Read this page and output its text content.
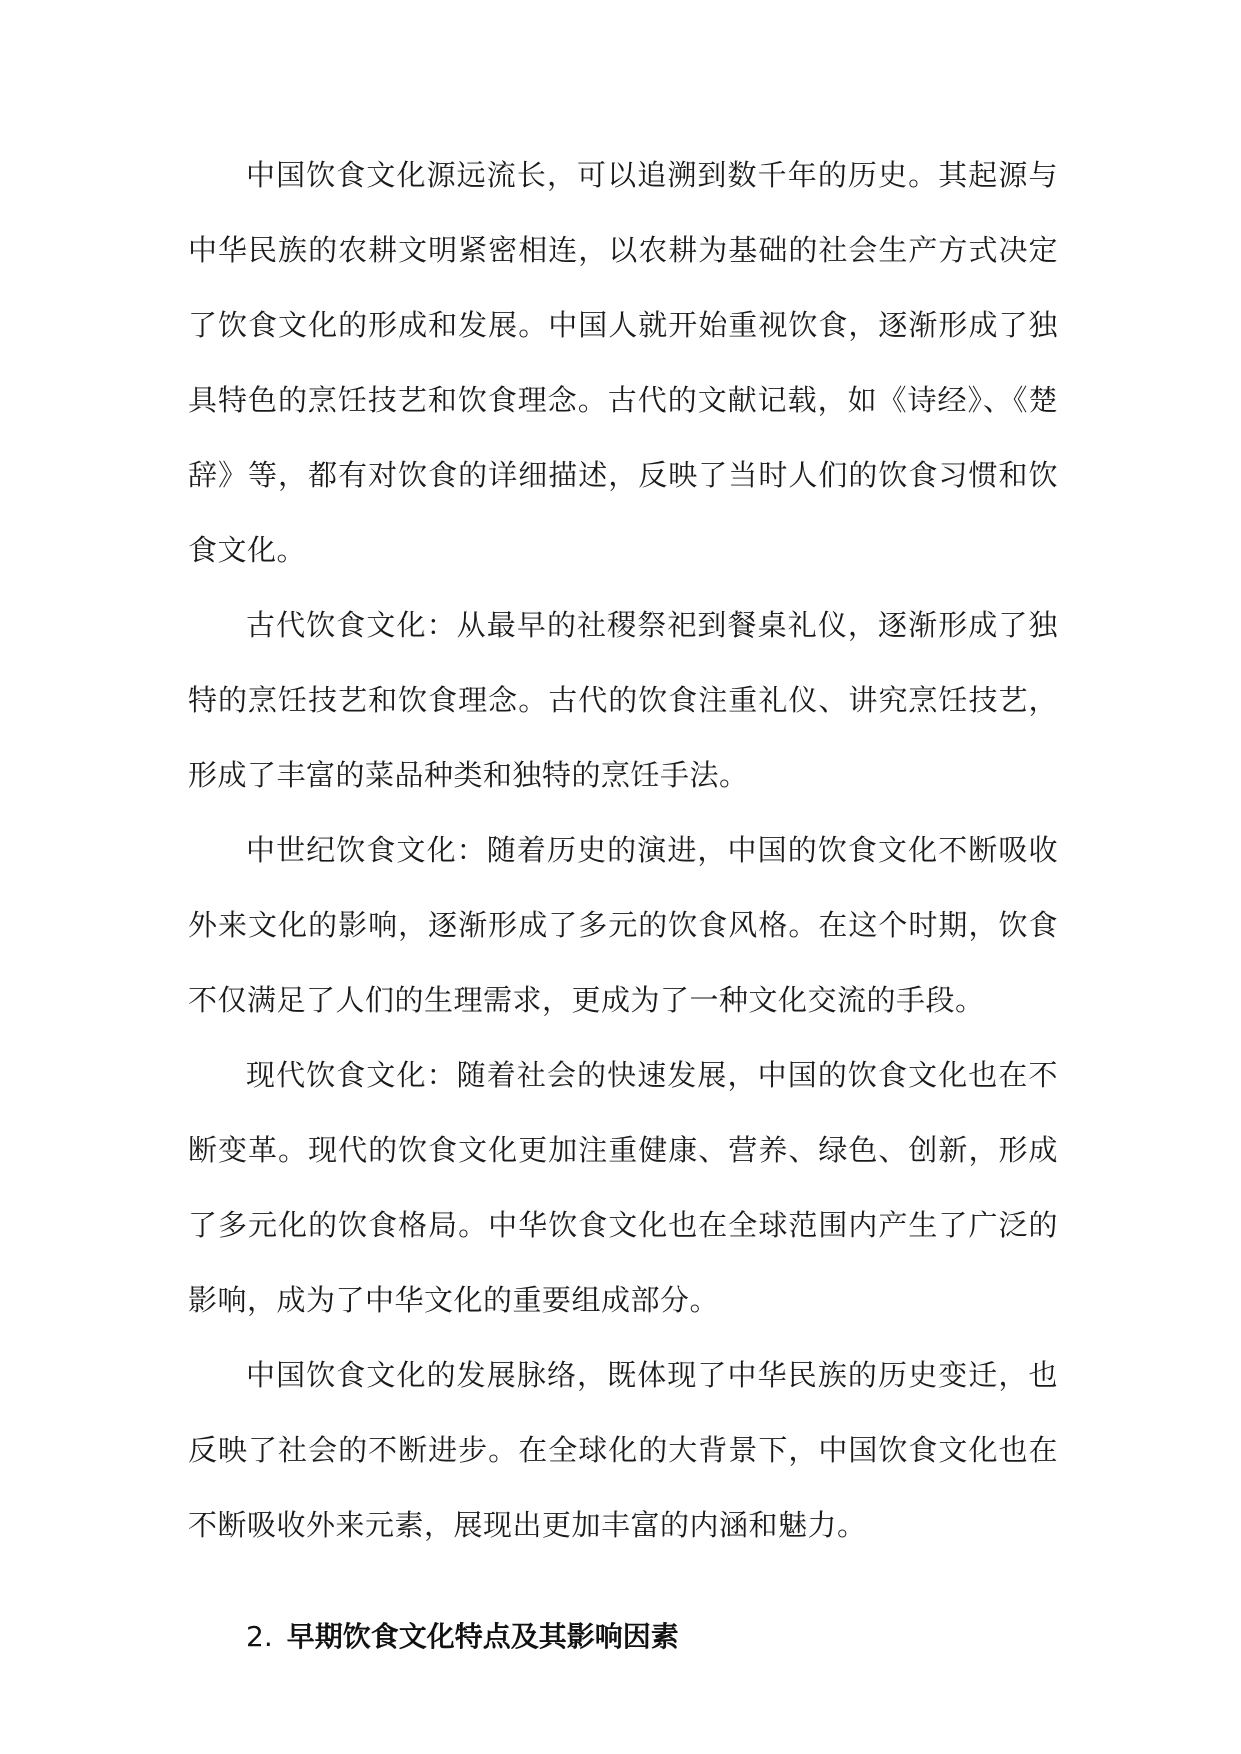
中国饮食文化源远流长，可以追溯到数千年的历史。其起源与中华民族的农耕文明紧密相连，以农耕为基础的社会生产方式决定了饮食文化的形成和发展。中国人就开始重视饮食，逐渐形成了独具特色的烹饪技艺和饮食理念。古代的文献记载，如《诗经》、《楚辞》等，都有对饮食的详细描述，反映了当时人们的饮食习惯和饮食文化。

古代饮食文化：从最早的社稷祭祀到餐桌礼仪，逐渐形成了独特的烹饪技艺和饮食理念。古代的饮食注重礼仪、讲究烹饪技艺，形成了丰富的菜品种类和独特的烹饪手法。

中世纪饮食文化：随着历史的演进，中国的饮食文化不断吸收外来文化的影响，逐渐形成了多元的饮食风格。在这个时期，饮食不仅满足了人们的生理需求，更成为了一种文化交流的手段。

现代饮食文化：随着社会的快速发展，中国的饮食文化也在不断变革。现代的饮食文化更加注重健康、营养、绿色、创新，形成了多元化的饮食格局。中华饮食文化也在全球范围内产生了广泛的影响，成为了中华文化的重要组成部分。

中国饮食文化的发展脉络，既体现了中华民族的历史变迁，也反映了社会的不断进步。在全球化的大背景下，中国饮食文化也在不断吸收外来元素，展现出更加丰富的内涵和魅力。

2. 早期饮食文化特点及其影响因素
